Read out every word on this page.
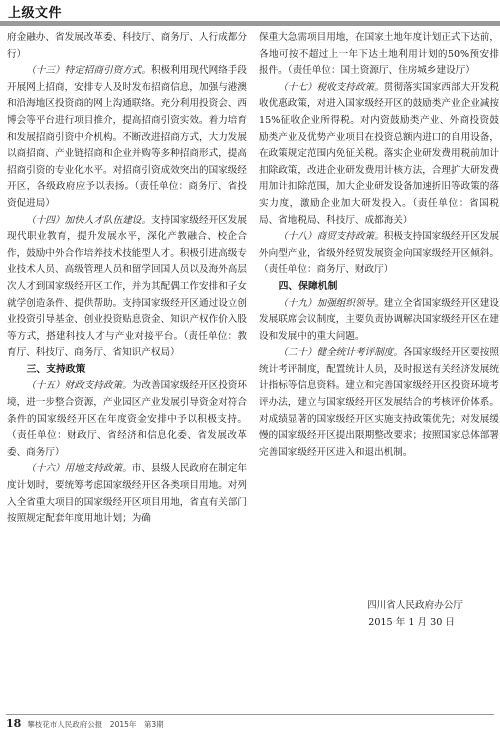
上级文件

府金融办、省发展改革委、科技厅、商务厅、人行成都分行）

（十三）特定招商引资方式。积极利用现代网络手段开展网上招商，安排专人及时发布招商信息，加强与港澳和沿海地区投资商的网上沟通联络。充分利用投资会、西博会等平台进行项目推介，提高招商引资实效。着力培育和发展招商引资中介机构。不断改进招商方式，大力发展以商招商、产业链招商和企业并购等多种招商形式，提高招商引资的专业化水平。对招商引资成效突出的国家级经开区，各级政府应予以表扬。（责任单位：商务厅、省投资促进局）

（十四）加快人才队伍建设。支持国家级经开区发展现代职业教育，提升发展水平，深化产教融合、校企合作，鼓励中外合作培养技术技能型人才。积极引进高级专业技术人员、高级管理人员和留学回国人员以及海外高层次人才到国家级经开区工作，并为其配偶工作安排和子女就学创造条件、提供帮助。支持国家级经开区通过设立创业投资引导基金、创业投资贴息资金、知识产权作价入股等方式，搭建科技人才与产业对接平台。（责任单位：教育厅、科技厅、商务厅、省知识产权局）

三、支持政策

（十五）财政支持政策。为改善国家级经开区投资环境，进一步整合资源，产业园区产业发展引导资金对符合条件的国家级经开区在年度资金安排中予以积极支持。（责任单位：财政厅、省经济和信息化委、省发展改革委、商务厅）

（十六）用地支持政策。市、县级人民政府在制定年度计划时，要统筹考虑国家级经开区各类项目用地。对列入全省重大项目的国家级经开区项目用地，省直有关部门按照规定配套年度用地计划；为确

保重大急需项目用地，在国家土地年度计划正式下达前，各地可按不超过上一年下达土地利用计划的50%预安排报件。（责任单位：国土资源厅、住房城乡建设厅）

（十七）税收支持政策。贯彻落实国家西部大开发税收优惠政策，对进入国家级经开区的鼓励类产业企业减按15%征收企业所得税。对内资鼓励类产业、外商投资鼓励类产业及优势产业项目在投资总额内进口的自用设备，在政策规定范围内免征关税。落实企业研发费用税前加计扣除政策，改进企业研发费用计核方法，合理扩大研发费用加计扣除范围，加大企业研发设备加速折旧等政策的落实力度，激励企业加大研发投入。（责任单位：省国税局、省地税局、科技厅、成都海关）

（十八）商贸支持政策。积极支持国家级经开区发展外向型产业，省级外经贸发展资金向国家级经开区倾斜。（责任单位：商务厅、财政厅）

四、保障机制

（十九）加强组织领导。建立全省国家级经开区建设发展联席会议制度，主要负责协调解决国家级经开区在建设和发展中的重大问题。

（二十）健全统计考评制度。各国家级经开区要按照统计考评制度，配置统计人员，及时报送有关经济发展统计指标等信息资料。建立和完善国家级经开区投资环境考评办法，建立与国家级经开区发展结合的考核评价体系。对成绩显著的国家级经开区实施支持政策优先；对发展缓慢的国家级经开区提出限期整改要求；按照国家总体部署完善国家级经开区进入和退出机制。

四川省人民政府办公厅
2015 年 1 月 30 日
18 攀枝花市人民政府公报　2015年　第3期
